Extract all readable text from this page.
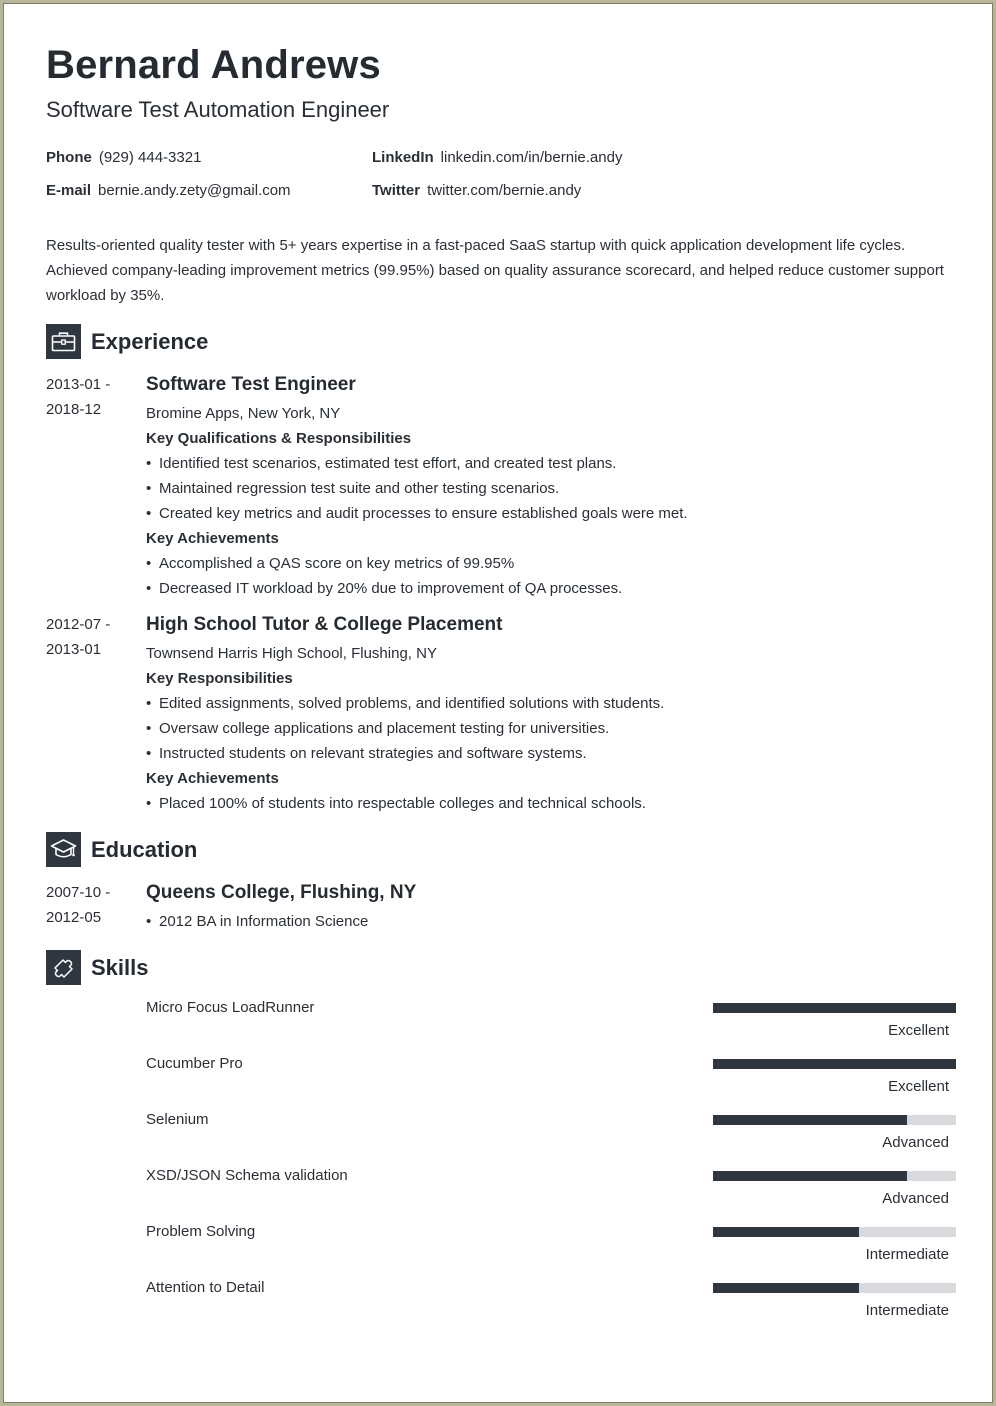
Bernard Andrews
Software Test Automation Engineer
Phone (929) 444-3321
E-mail bernie.andy.zety@gmail.com
LinkedIn linkedin.com/in/bernie.andy
Twitter twitter.com/bernie.andy
Results-oriented quality tester with 5+ years expertise in a fast-paced SaaS startup with quick application development life cycles. Achieved company-leading improvement metrics (99.95%) based on quality assurance scorecard, and helped reduce customer support workload by 35%.
Experience
2013-01 -
2018-12
Software Test Engineer
Bromine Apps, New York, NY
Key Qualifications & Responsibilities
• Identified test scenarios, estimated test effort, and created test plans.
• Maintained regression test suite and other testing scenarios.
• Created key metrics and audit processes to ensure established goals were met.
Key Achievements
• Accomplished a QAS score on key metrics of 99.95%
• Decreased IT workload by 20% due to improvement of QA processes.
2012-07 -
2013-01
High School Tutor & College Placement
Townsend Harris High School, Flushing, NY
Key Responsibilities
• Edited assignments, solved problems, and identified solutions with students.
• Oversaw college applications and placement testing for universities.
• Instructed students on relevant strategies and software systems.
Key Achievements
• Placed 100% of students into respectable colleges and technical schools.
Education
2007-10 -
2012-05
Queens College, Flushing, NY
• 2012 BA in Information Science
Skills
Micro Focus LoadRunner
Excellent
Cucumber Pro
Excellent
Selenium
Advanced
XSD/JSON Schema validation
Advanced
Problem Solving
Intermediate
Attention to Detail
Intermediate
